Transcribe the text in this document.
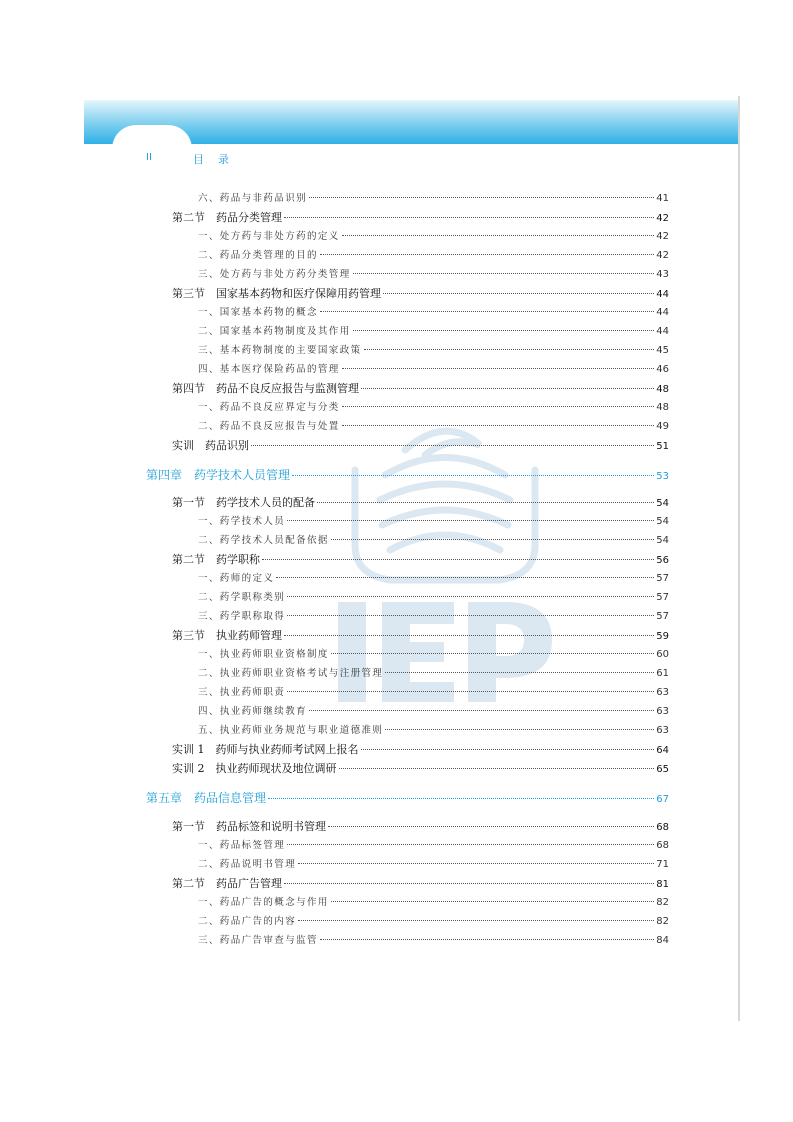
II	目录
六、药品与非药品识别	41
第二节　药品分类管理	42
一、处方药与非处方药的定义	42
二、药品分类管理的目的	42
三、处方药与非处方药分类管理	43
第三节　国家基本药物和医疗保障用药管理	44
一、国家基本药物的概念	44
二、国家基本药物制度及其作用	44
三、基本药物制度的主要国家政策	45
四、基本医疗保险药品的管理	46
第四节　药品不良反应报告与监测管理	48
一、药品不良反应界定与分类	48
二、药品不良反应报告与处置	49
实训　药品识别	51
第四章　药学技术人员管理	53
第一节　药学技术人员的配备	54
一、药学技术人员	54
二、药学技术人员配备依据	54
第二节　药学职称	56
一、药师的定义	57
二、药学职称类别	57
三、药学职称取得	57
第三节　执业药师管理	59
一、执业药师职业资格制度	60
二、执业药师职业资格考试与注册管理	61
三、执业药师职责	63
四、执业药师继续教育	63
五、执业药师业务规范与职业道德准则	63
实训 1　药师与执业药师考试网上报名	64
实训 2　执业药师现状及地位调研	65
第五章　药品信息管理	67
第一节　药品标签和说明书管理	68
一、药品标签管理	68
二、药品说明书管理	71
第二节　药品广告管理	81
一、药品广告的概念与作用	82
二、药品广告的内容	82
三、药品广告审查与监管	84
